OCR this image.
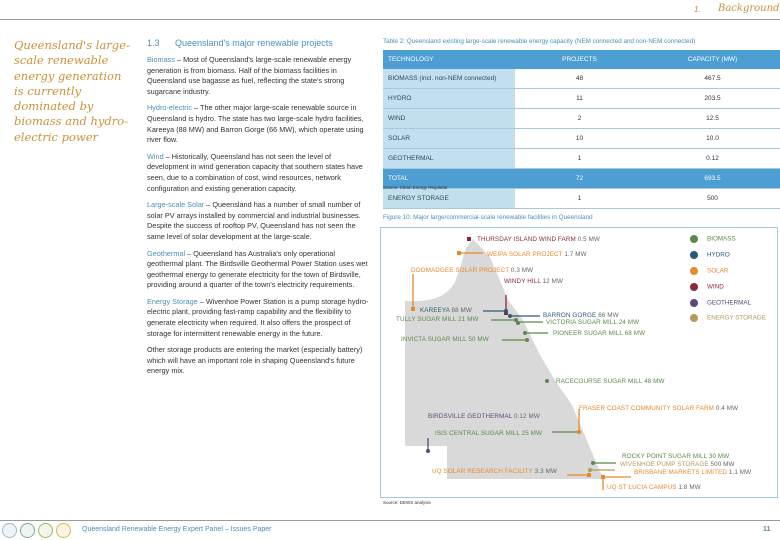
1. Background
Queensland's large-scale renewable energy generation is currently dominated by biomass and hydro-electric power
1.3 Queensland's major renewable projects

Biomass – Most of Queensland's large-scale renewable energy generation is from biomass. Half of the biomass facilities in Queensland use bagasse as fuel, reflecting the state's strong sugarcane industry.

Hydro-electric – The other major large-scale renewable source in Queensland is hydro. The state has two large-scale hydro facilities, Kareeya (88 MW) and Barron Gorge (66 MW), which operate using river flow.

Wind – Historically, Queensland has not seen the level of development in wind generation capacity that southern states have seen, due to a combination of cost, wind resources, network configuration and existing generation capacity.

Large-scale Solar – Queensland has a number of small number of solar PV arrays installed by commercial and industrial businesses. Despite the success of rooftop PV, Queensland has not seen the same level of solar development at the large-scale.

Geothermal – Queensland has Australia's only operational geothermal plant. The Birdsville Geothermal Power Station uses wet geothermal energy to generate electricity for the town of Birdsville, providing around a quarter of the town's electricity requirements.

Energy Storage – Wivenhoe Power Station is a pump storage hydro-electric plant, providing fast-ramp capability and the flexibility to generate electricity when required. It also offers the prospect of storage for intermittent renewable energy in the future.

Other storage products are entering the market (especially battery) which will have an important role in shaping Queensland's future energy mix.

Table 2: Queensland existing large-scale renewable energy capacity (NEM connected and non-NEM connected)
TECHNOLOGY	PROJECTS	CAPACITY (MW)
BIOMASS (incl. non-NEM connected)	48	467.5
HYDRO	11	203.5
WIND	2	12.5
SOLAR	10	10.0
GEOTHERMAL	1	0.12
TOTAL	72	693.5
ENERGY STORAGE	1	500
Source: Clean Energy Regulator
Figure 10: Major large/commercial-scale renewable facilities in Queensland
THURSDAY ISLAND WIND FARM 0.5 MW
WEIPA SOLAR PROJECT 1.7 MW
DOOMADGEE SOLAR PROJECT 0.3 MW
WINDY HILL 12 MW
KAREEYA 88 MW
BARRON GORGE 66 MW
TULLY SUGAR MILL 21 MW	VICTORIA SUGAR MILL 24 MW
PIONEER SUGAR MILL 68 MW
INVICTA SUGAR MILL 50 MW
RACECOURSE SUGAR MILL 48 MW
FRASER COAST COMMUNITY SOLAR FARM 0.4 MW
BIRDSVILLE GEOTHERMAL 0.12 MW
ISIS CENTRAL SUGAR MILL 25 MW
ROCKY POINT SUGAR MILL 30 MW
WIVENHOE PUMP STORAGE 500 MW
UQ SOLAR RESEARCH FACILITY 3.3 MW	BRISBANE MARKETS LIMITED 1.1 MW
UQ ST LUCIA CAMPUS 1.8 MW
BIOMASS
HYDRO
SOLAR
WIND
GEOTHERMAL
ENERGY STORAGE
Source: DEWS analysis
Queensland Renewable Energy Expert Panel – Issues Paper	11
